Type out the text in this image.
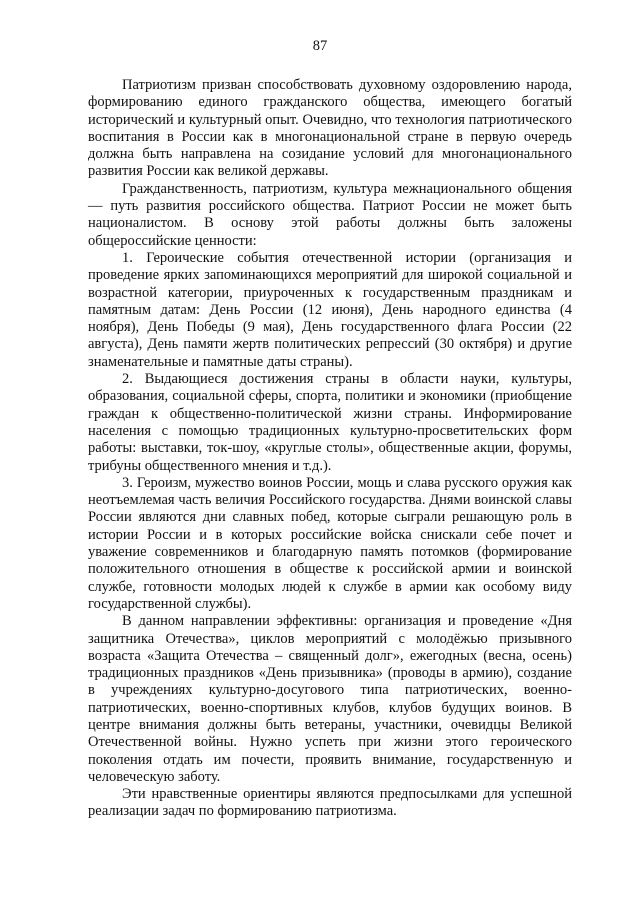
87

Патриотизм призван способствовать духовному оздоровлению народа, формированию единого гражданского общества, имеющего богатый исторический и культурный опыт. Очевидно, что технология патриотического воспитания в России как в многонациональной стране в первую очередь должна быть направлена на созидание условий для многонационального развития России как великой державы.

Гражданственность, патриотизм, культура межнационального общения — путь развития российского общества. Патриот России не может быть националистом. В основу этой работы должны быть заложены общероссийские ценности:

1. Героические события отечественной истории (организация и проведение ярких запоминающихся мероприятий для широкой социальной и возрастной категории, приуроченных к государственным праздникам и памятным датам: День России (12 июня), День народного единства (4 ноября), День Победы (9 мая), День государственного флага России (22 августа), День памяти жертв политических репрессий (30 октября) и другие знаменательные и памятные даты страны).

2. Выдающиеся достижения страны в области науки, культуры, образования, социальной сферы, спорта, политики и экономики (приобщение граждан к общественно-политической жизни страны. Информирование населения с помощью традиционных культурно-просветительских форм работы: выставки, ток-шоу, «круглые столы», общественные акции, форумы, трибуны общественного мнения и т.д.).

3. Героизм, мужество воинов России, мощь и слава русского оружия как неотъемлемая часть величия Российского государства. Днями воинской славы России являются дни славных побед, которые сыграли решающую роль в истории России и в которых российские войска снискали себе почет и уважение современников и благодарную память потомков (формирование положительного отношения в обществе к российской армии и воинской службе, готовности молодых людей к службе в армии как особому виду государственной службы).

В данном направлении эффективны: организация и проведение «Дня защитника Отечества», циклов мероприятий с молодёжью призывного возраста «Защита Отечества – священный долг», ежегодных (весна, осень) традиционных праздников «День призывника» (проводы в армию), создание в учреждениях культурно-досугового типа патриотических, военно-патриотических, военно-спортивных клубов, клубов будущих воинов. В центре внимания должны быть ветераны, участники, очевидцы Великой Отечественной войны. Нужно успеть при жизни этого героического поколения отдать им почести, проявить внимание, государственную и человеческую заботу.

Эти нравственные ориентиры являются предпосылками для успешной реализации задач по формированию патриотизма.
